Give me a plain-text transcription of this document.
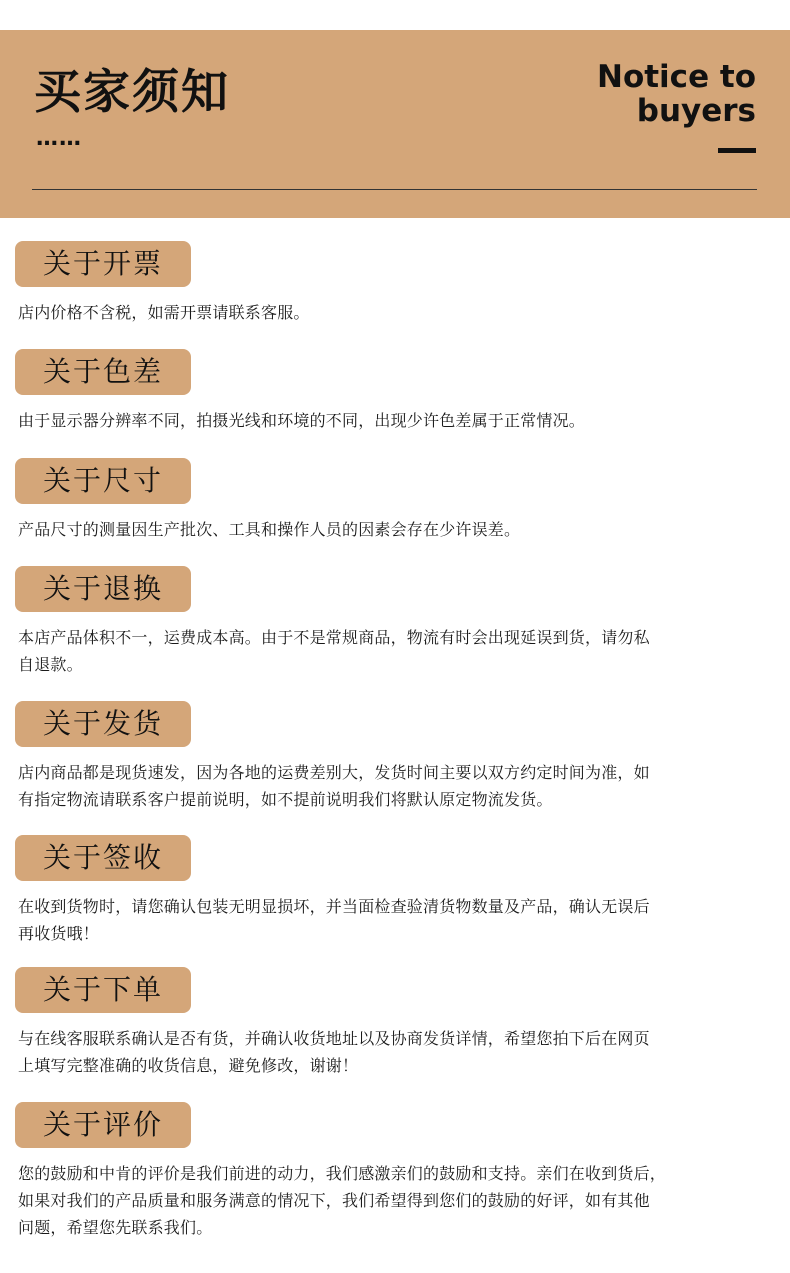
买家须知
……
Notice to
buyers
关于开票
店内价格不含税，如需开票请联系客服。
关于色差
由于显示器分辨率不同，拍摄光线和环境的不同，出现少许色差属于正常情况。
关于尺寸
产品尺寸的测量因生产批次、工具和操作人员的因素会存在少许误差。
关于退换
本店产品体积不一，运费成本高。由于不是常规商品，物流有时会出现延误到货，请勿私
自退款。
关于发货
店内商品都是现货速发，因为各地的运费差别大，发货时间主要以双方约定时间为准，如
有指定物流请联系客户提前说明，如不提前说明我们将默认原定物流发货。
关于签收
在收到货物时，请您确认包装无明显损坏，并当面检查验清货物数量及产品，确认无误后
再收货哦！
关于下单
与在线客服联系确认是否有货，并确认收货地址以及协商发货详情，希望您拍下后在网页
上填写完整准确的收货信息，避免修改，谢谢！
关于评价
您的鼓励和中肯的评价是我们前进的动力，我们感激亲们的鼓励和支持。亲们在收到货后，
如果对我们的产品质量和服务满意的情况下，我们希望得到您们的鼓励的好评，如有其他
问题，希望您先联系我们。
